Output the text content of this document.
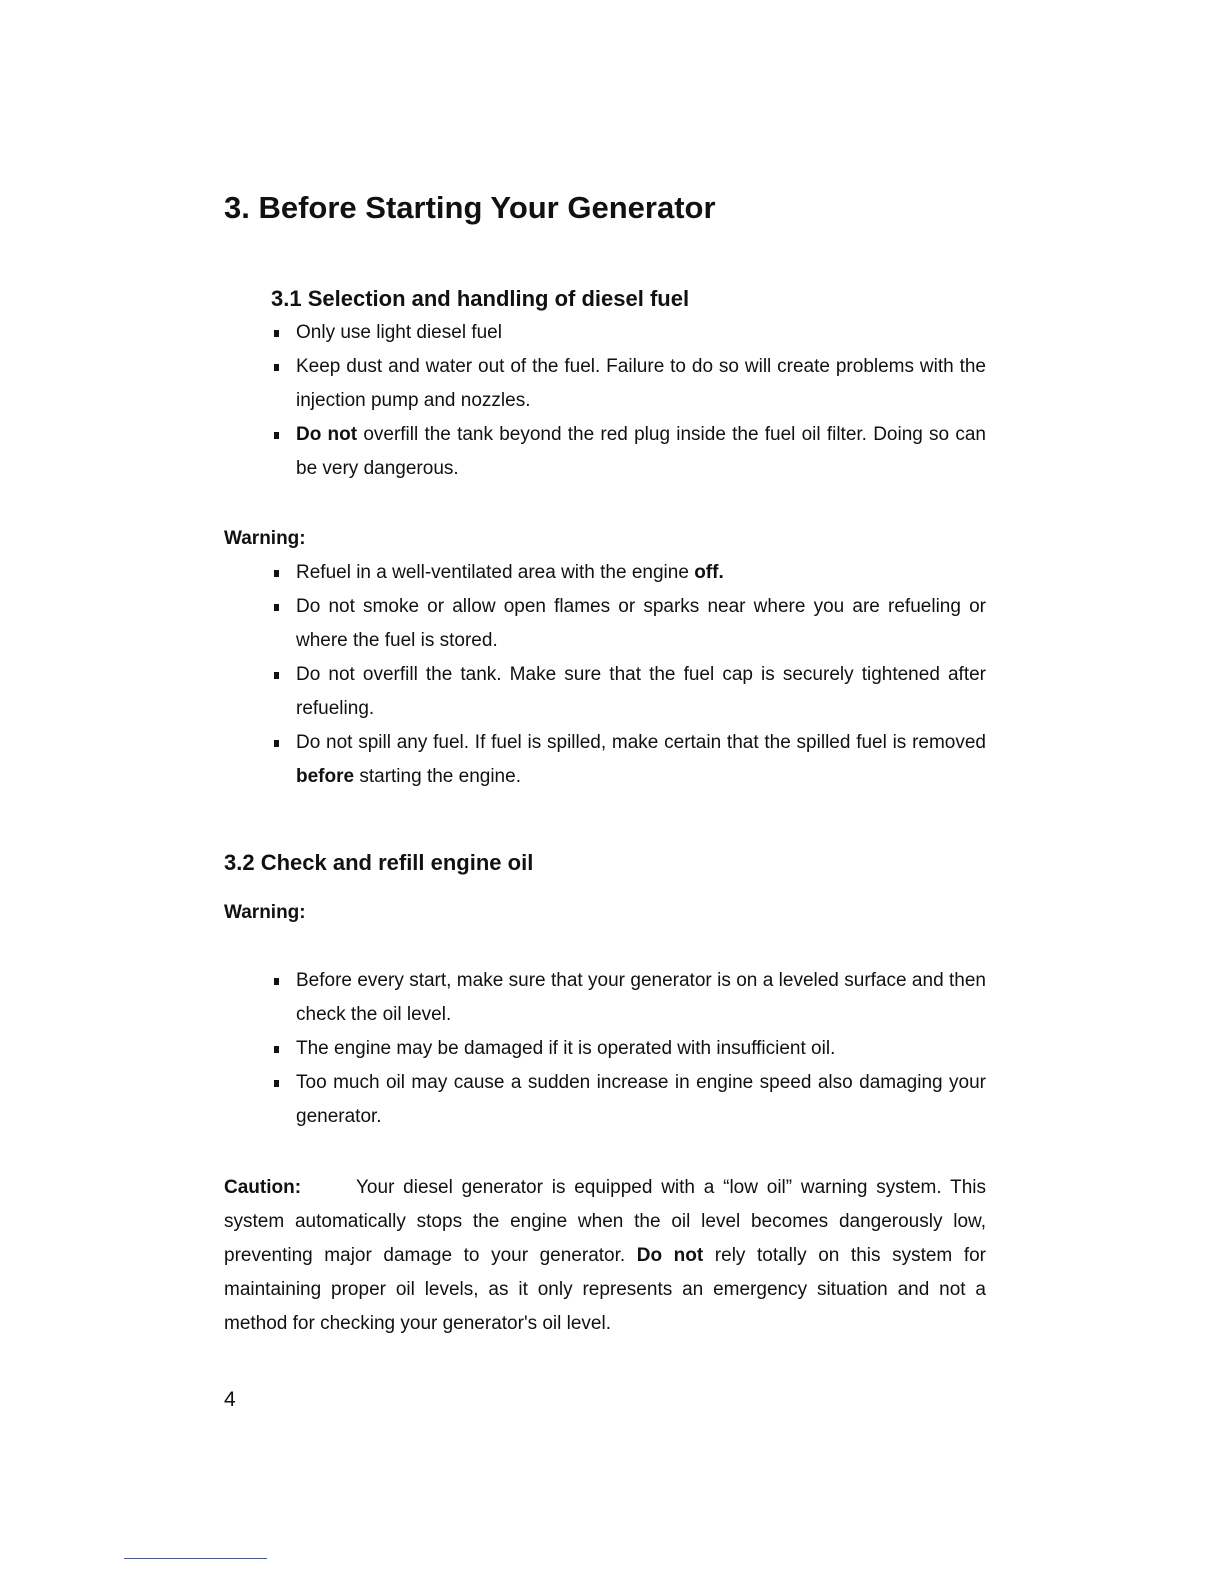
3. Before Starting Your Generator
3.1 Selection and handling of diesel fuel
Only use light diesel fuel
Keep dust and water out of the fuel. Failure to do so will create problems with the injection pump and nozzles.
Do not overfill the tank beyond the red plug inside the fuel oil filter. Doing so can be very dangerous.

Warning:

Refuel in a well-ventilated area with the engine off.
Do not smoke or allow open flames or sparks near where you are refueling or where the fuel is stored.
Do not overfill the tank. Make sure that the fuel cap is securely tightened after refueling.
Do not spill any fuel. If fuel is spilled, make certain that the spilled fuel is removed before starting the engine.
3.2 Check and refill engine oil

Warning:

Before every start, make sure that your generator is on a leveled surface and then check the oil level.
The engine may be damaged if it is operated with insufficient oil.
Too much oil may cause a sudden increase in engine speed also damaging your generator.

Caution:	Your diesel generator is equipped with a “low oil” warning system. This system automatically stops the engine when the oil level becomes dangerously low, preventing major damage to your generator. Do not rely totally on this system for maintaining proper oil levels, as it only represents an emergency situation and not a method for checking your generator's oil level.

4
